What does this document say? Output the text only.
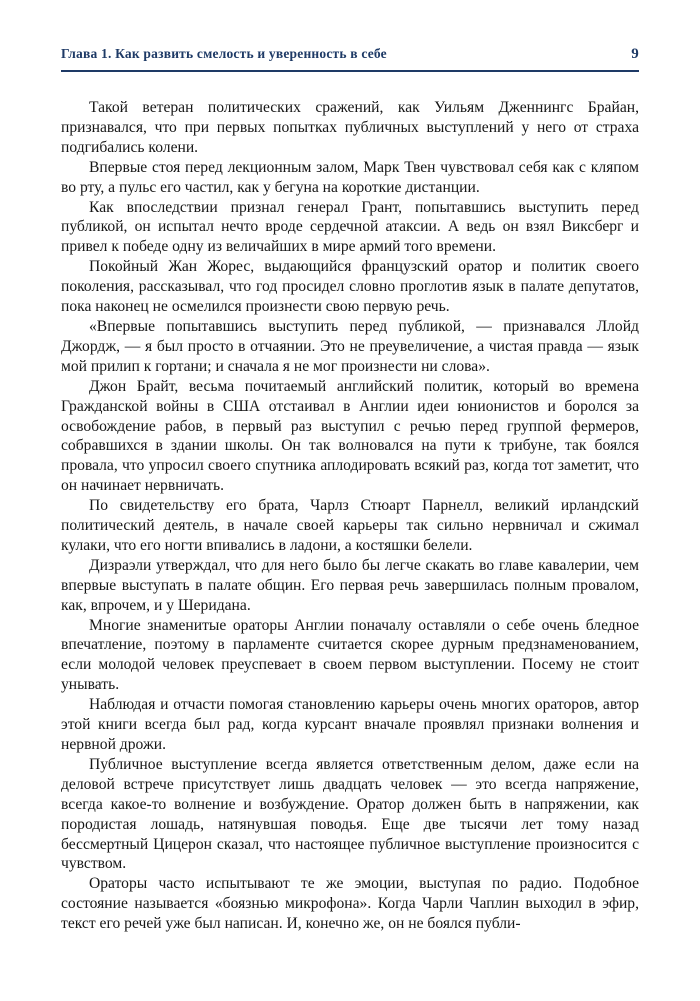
Глава 1. Как развить смелость и уверенность в себе	9

Такой ветеран политических сражений, как Уильям Дженнингс Брайан, признавался, что при первых попытках публичных выступлений у него от страха подгибались колени.

Впервые стоя перед лекционным залом, Марк Твен чувствовал себя как с кляпом во рту, а пульс его частил, как у бегуна на короткие дистанции.

Как впоследствии признал генерал Грант, попытавшись выступить перед публикой, он испытал нечто вроде сердечной атаксии. А ведь он взял Виксберг и привел к победе одну из величайших в мире армий того времени.

Покойный Жан Жорес, выдающийся французский оратор и политик своего поколения, рассказывал, что год просидел словно проглотив язык в палате депутатов, пока наконец не осмелился произнести свою первую речь.

«Впервые попытавшись выступить перед публикой, — признавался Ллойд Джордж, — я был просто в отчаянии. Это не преувеличение, а чистая правда — язык мой прилип к гортани; и сначала я не мог произнести ни слова».

Джон Брайт, весьма почитаемый английский политик, который во времена Гражданской войны в США отстаивал в Англии идеи юнионистов и боролся за освобождение рабов, в первый раз выступил с речью перед группой фермеров, собравшихся в здании школы. Он так волновался на пути к трибуне, так боялся провала, что упросил своего спутника аплодировать всякий раз, когда тот заметит, что он начинает нервничать.

По свидетельству его брата, Чарлз Стюарт Парнелл, великий ирландский политический деятель, в начале своей карьеры так сильно нервничал и сжимал кулаки, что его ногти впивались в ладони, а костяшки белели.

Дизраэли утверждал, что для него было бы легче скакать во главе кавалерии, чем впервые выступать в палате общин. Его первая речь завершилась полным провалом, как, впрочем, и у Шеридана.

Многие знаменитые ораторы Англии поначалу оставляли о себе очень бледное впечатление, поэтому в парламенте считается скорее дурным предзнаменованием, если молодой человек преуспевает в своем первом выступлении. Посему не стоит унывать.

Наблюдая и отчасти помогая становлению карьеры очень многих ораторов, автор этой книги всегда был рад, когда курсант вначале проявлял признаки волнения и нервной дрожи.

Публичное выступление всегда является ответственным делом, даже если на деловой встрече присутствует лишь двадцать человек — это всегда напряжение, всегда какое-то волнение и возбуждение. Оратор должен быть в напряжении, как породистая лошадь, натянувшая поводья. Еще две тысячи лет тому назад бессмертный Цицерон сказал, что настоящее публичное выступление произносится с чувством.

Ораторы часто испытывают те же эмоции, выступая по радио. Подобное состояние называется «боязнью микрофона». Когда Чарли Чаплин выходил в эфир, текст его речей уже был написан. И, конечно же, он не боялся публи-
